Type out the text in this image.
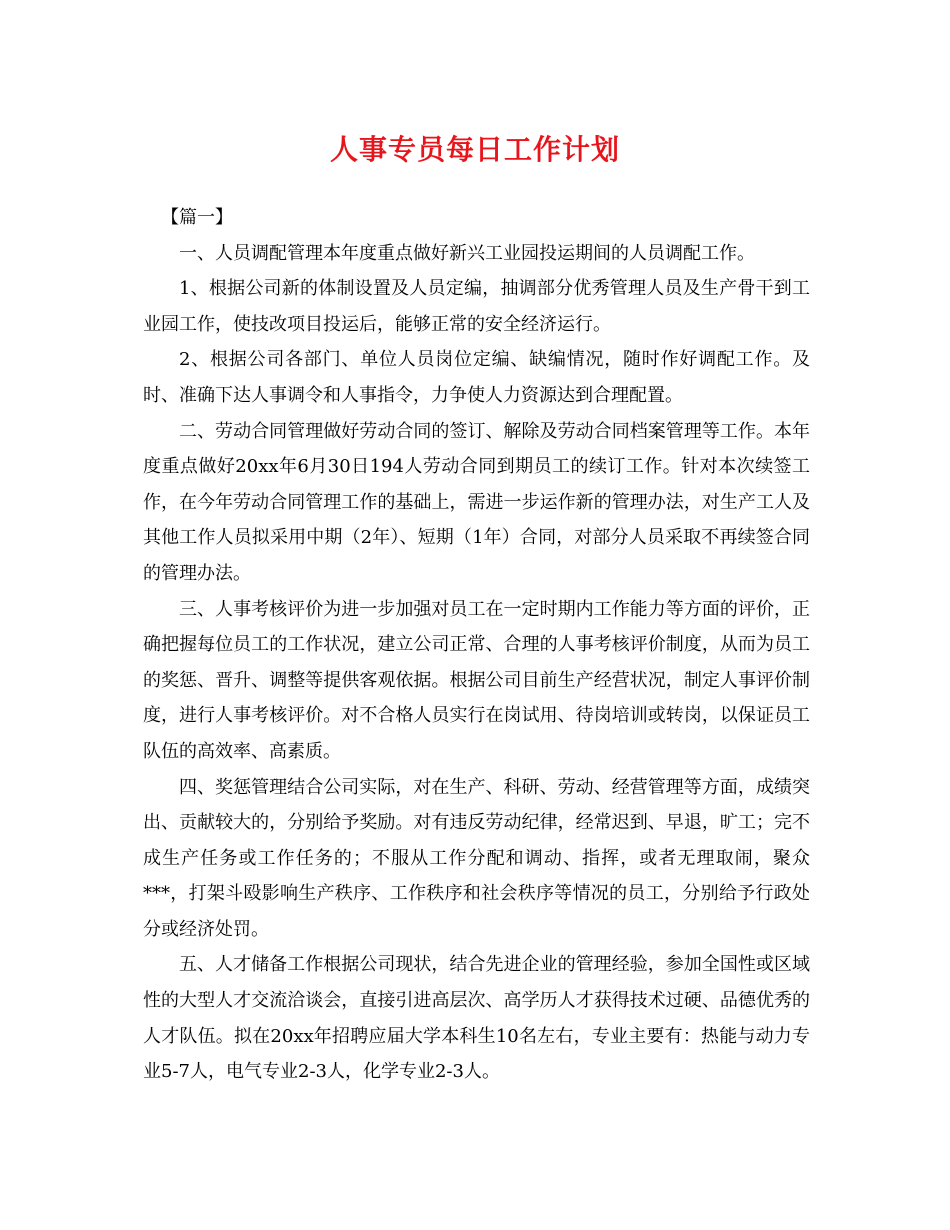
人事专员每日工作计划

【篇一】

一、人员调配管理本年度重点做好新兴工业园投运期间的人员调配工作。

1、根据公司新的体制设置及人员定编，抽调部分优秀管理人员及生产骨干到工业园工作，使技改项目投运后，能够正常的安全经济运行。

2、根据公司各部门、单位人员岗位定编、缺编情况，随时作好调配工作。及时、准确下达人事调令和人事指令，力争使人力资源达到合理配置。

二、劳动合同管理做好劳动合同的签订、解除及劳动合同档案管理等工作。本年度重点做好20xx年6月30日194人劳动合同到期员工的续订工作。针对本次续签工作，在今年劳动合同管理工作的基础上，需进一步运作新的管理办法，对生产工人及其他工作人员拟采用中期（2年）、短期（1年）合同，对部分人员采取不再续签合同的管理办法。

三、人事考核评价为进一步加强对员工在一定时期内工作能力等方面的评价，正确把握每位员工的工作状况，建立公司正常、合理的人事考核评价制度，从而为员工的奖惩、晋升、调整等提供客观依据。根据公司目前生产经营状况，制定人事评价制度，进行人事考核评价。对不合格人员实行在岗试用、待岗培训或转岗，以保证员工队伍的高效率、高素质。

四、奖惩管理结合公司实际，对在生产、科研、劳动、经营管理等方面，成绩突出、贡献较大的，分别给予奖励。对有违反劳动纪律，经常迟到、早退，旷工；完不成生产任务或工作任务的；不服从工作分配和调动、指挥，或者无理取闹，聚众***，打架斗殴影响生产秩序、工作秩序和社会秩序等情况的员工，分别给予行政处分或经济处罚。

五、人才储备工作根据公司现状，结合先进企业的管理经验，参加全国性或区域性的大型人才交流洽谈会，直接引进高层次、高学历人才获得技术过硬、品德优秀的人才队伍。拟在20xx年招聘应届大学本科生10名左右，专业主要有：热能与动力专业5-7人，电气专业2-3人，化学专业2-3人。
